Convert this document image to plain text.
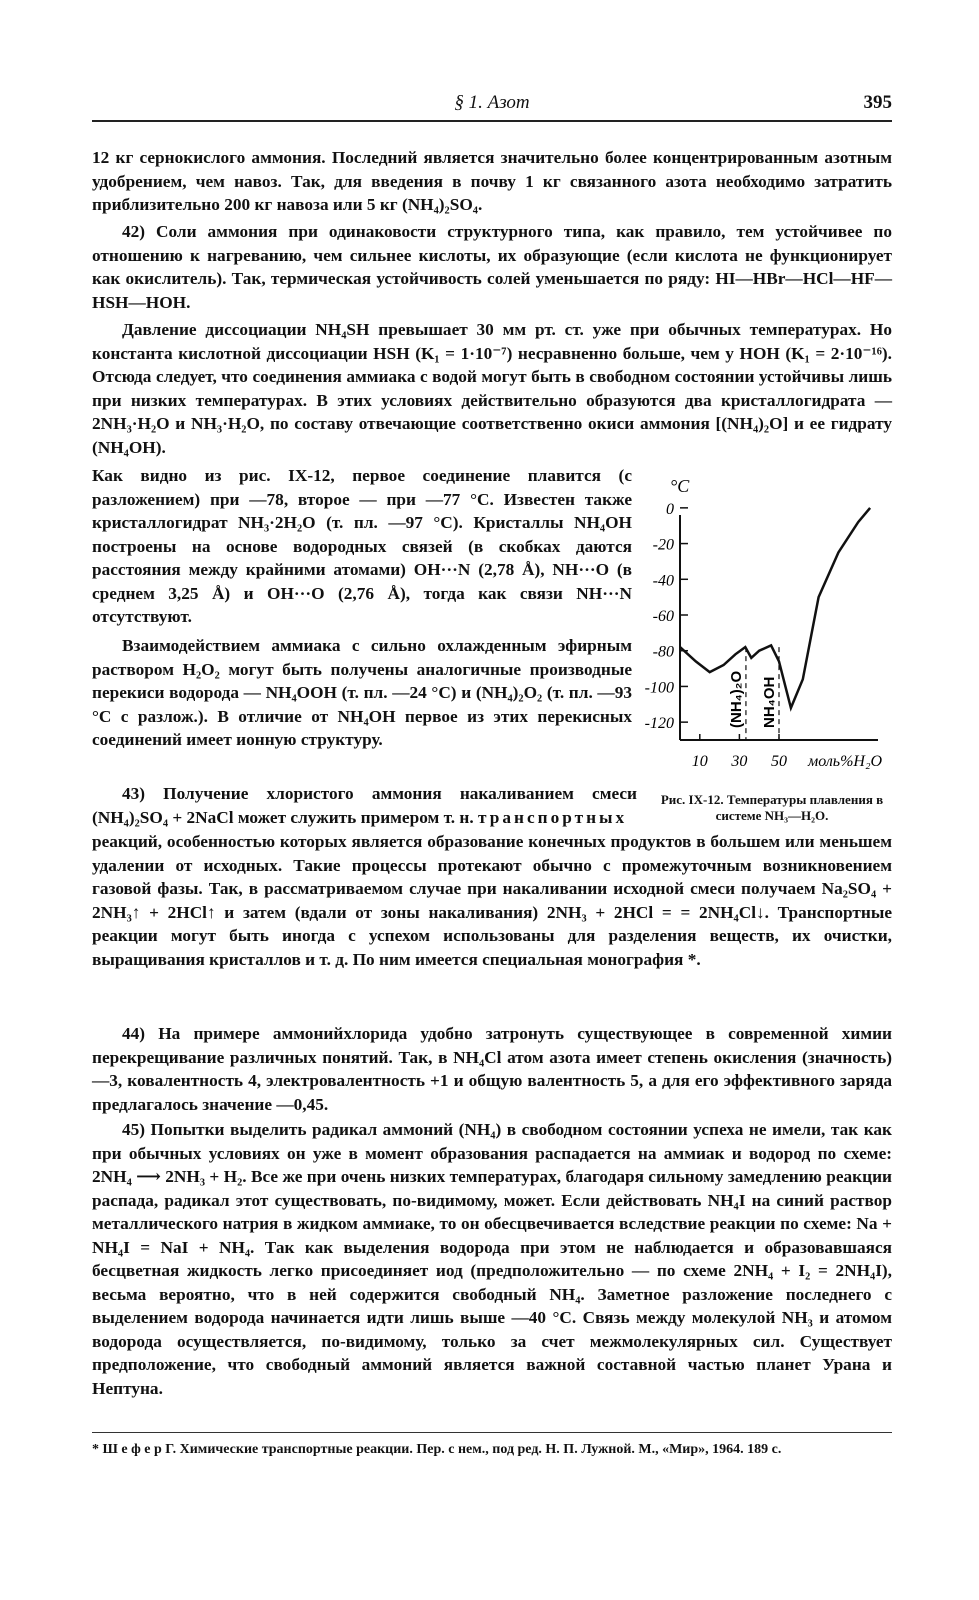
§ 1. Азот	395

12 кг сернокислого аммония. Последний является значительно более концентрированным азотным удобрением, чем навоз. Так, для введения в почву 1 кг связанного азота необходимо затратить приблизительно 200 кг навоза или 5 кг (NH₄)₂SO₄.

42) Соли аммония при одинаковости структурного типа, как правило, тем устойчивее по отношению к нагреванию, чем сильнее кислоты, их образующие (если кислота не функционирует как окислитель). Так, термическая устойчивость солей уменьшается по ряду: HI—HBr—HCl—HF—HSH—HOH.

Давление диссоциации NH₄SH превышает 30 мм рт. ст. уже при обычных температурах. Но константа кислотной диссоциации HSH (K₁ = 1·10⁻⁷) несравненно больше, чем у HOH (K₁ = 2·10⁻¹⁶). Отсюда следует, что соединения аммиака с водой могут быть в свободном состоянии устойчивы лишь при низких температурах. В этих условиях действительно образуются два кристаллогидрата — 2NH₃·H₂O и NH₃·H₂O, по составу отвечающие соответственно окиси аммония [(NH₄)₂O] и ее гидрату (NH₄OH).

Как видно из рис. IX-12, первое соединение плавится (с разложением) при —78, второе — при —77 °С. Известен также кристаллогидрат NH₃·2H₂O (т. пл. —97 °С). Кристаллы NH₄OH построены на основе водородных связей (в скобках даются расстояния между крайними атомами) OH···N (2,78 Å), NH···O (в среднем 3,25 Å) и OH···O (2,76 Å), тогда как связи NH···N отсутствуют.

Взаимодействием аммиака с сильно охлажденным эфирным раствором H₂O₂ могут быть получены аналогичные производные перекиси водорода — NH₄OOH (т. пл. —24 °С) и (NH₄)₂O₂ (т. пл. —93 °С с разлож.). В отличие от NH₄OH первое из этих перекисных соединений имеет ионную структуру.

43) Получение хлористого аммония накаливанием смеси (NH₄)₂SO₄ + 2NaCl может служить примером т. н. транспортных

реакций, особенностью которых является образование конечных продуктов в большем или меньшем удалении от исходных. Такие процессы протекают обычно с промежуточным возникновением газовой фазы. Так, в рассматриваемом случае при накаливании исходной смеси получаем Na₂SO₄ + 2NH₃↑ + 2HCl↑ и затем (вдали от зоны накаливания) 2NH₃ + 2HCl = = 2NH₄Cl↓. Транспортные реакции могут быть иногда с успехом использованы для разделения веществ, их очистки, выращивания кристаллов и т. д. По ним имеется специальная монография *.

44) На примере аммонийхлорида удобно затронуть существующее в современной химии перекрещивание различных понятий. Так, в NH₄Cl атом азота имеет степень окисления (значность) —3, ковалентность 4, электровалентность +1 и общую валентность 5, а для его эффективного заряда предлагалось значение —0,45.

45) Попытки выделить радикал аммоний (NH₄) в свободном состоянии успеха не имели, так как при обычных условиях он уже в момент образования распадается на аммиак и водород по схеме: 2NH₄ ⟶ 2NH₃ + H₂. Все же при очень низких температурах, благодаря сильному замедлению реакции распада, радикал этот существовать, по-видимому, может. Если действовать NH₄I на синий раствор металлического натрия в жидком аммиаке, то он обесцвечивается вследствие реакции по схеме: Na + NH₄I = NaI + NH₄. Так как выделения водорода при этом не наблюдается и образовавшаяся бесцветная жидкость легко присоединяет иод (предположительно — по схеме 2NH₄ + I₂ = 2NH₄I), весьма вероятно, что в ней содержится свободный NH₄. Заметное разложение последнего с выделением водорода начинается идти лишь выше —40 °С. Связь между молекулой NH₃ и атомом водорода осуществляется, по-видимому, только за счет межмолекулярных сил. Существует предположение, что свободный аммоний является важной составной частью планет Урана и Нептуна.

0
-20
-40
-60
-80
-100
-120
10 30 50
(NH₄)₂O NH₄OH
°C
моль%H₂O
Рис. IX-12. Температуры плавления в системе NH₃—H₂O.
* Ш е ф е р Г. Химические транспортные реакции. Пер. с нем., под ред. Н. П. Лужной. М., «Мир», 1964. 189 с.
